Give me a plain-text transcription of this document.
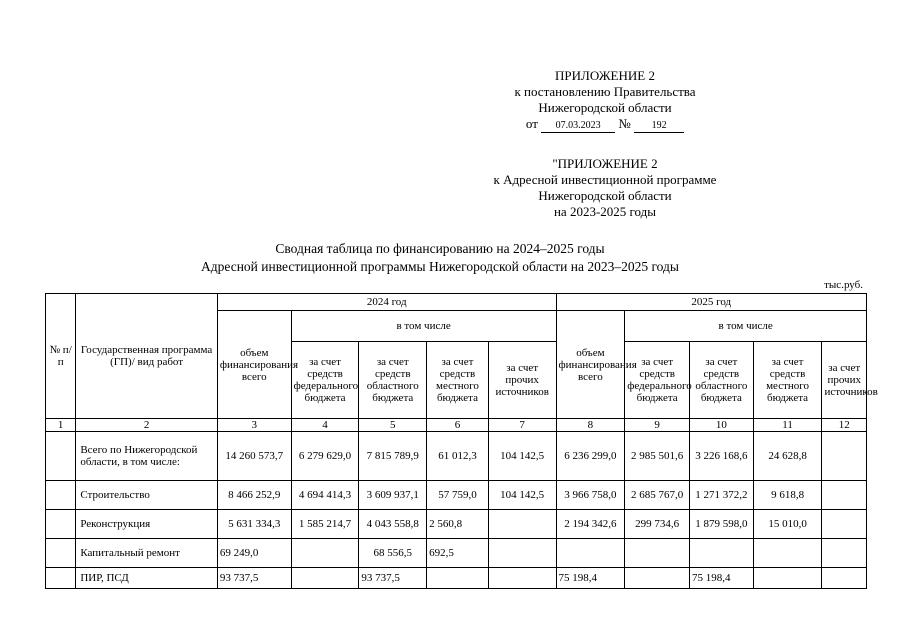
ПРИЛОЖЕНИЕ 2
к постановлению Правительства
Нижегородской области
от 07.03.2023 № 192
"ПРИЛОЖЕНИЕ 2
к Адресной инвестиционной программе
Нижегородской области
на 2023-2025 годы
Сводная таблица по финансированию на 2024–2025 годы
Адресной инвестиционной программы Нижегородской области на 2023–2025 годы
тыс.руб.
№ п/п	Государственная программа (ГП)/ вид работ	2024 год					2025 год				
		объем финансирования всего	в том числе				объем финансирования всего	в том числе			
			за счет средств федерального бюджета	за счет средств областного бюджета	за счет средств местного бюджета	за счет прочих источников		за счет средств федерального бюджета	за счет средств областного бюджета	за счет средств местного бюджета	за счет прочих источников
1	2	3	4	5	6	7	8	9	10	11	12
	Всего по Нижегородской области, в том числе:	14 260 573,7	6 279 629,0	7 815 789,9	61 012,3	104 142,5	6 236 299,0	2 985 501,6	3 226 168,6	24 628,8	
	Строительство	8 466 252,9	4 694 414,3	3 609 937,1	57 759,0	104 142,5	3 966 758,0	2 685 767,0	1 271 372,2	9 618,8	
	Реконструкция	5 631 334,3	1 585 214,7	4 043 558,8	2 560,8		2 194 342,6	299 734,6	1 879 598,0	15 010,0	
	Капитальный ремонт	69 249,0		68 556,5	692,5						
	ПИР, ПСД	93 737,5		93 737,5			75 198,4		75 198,4		
